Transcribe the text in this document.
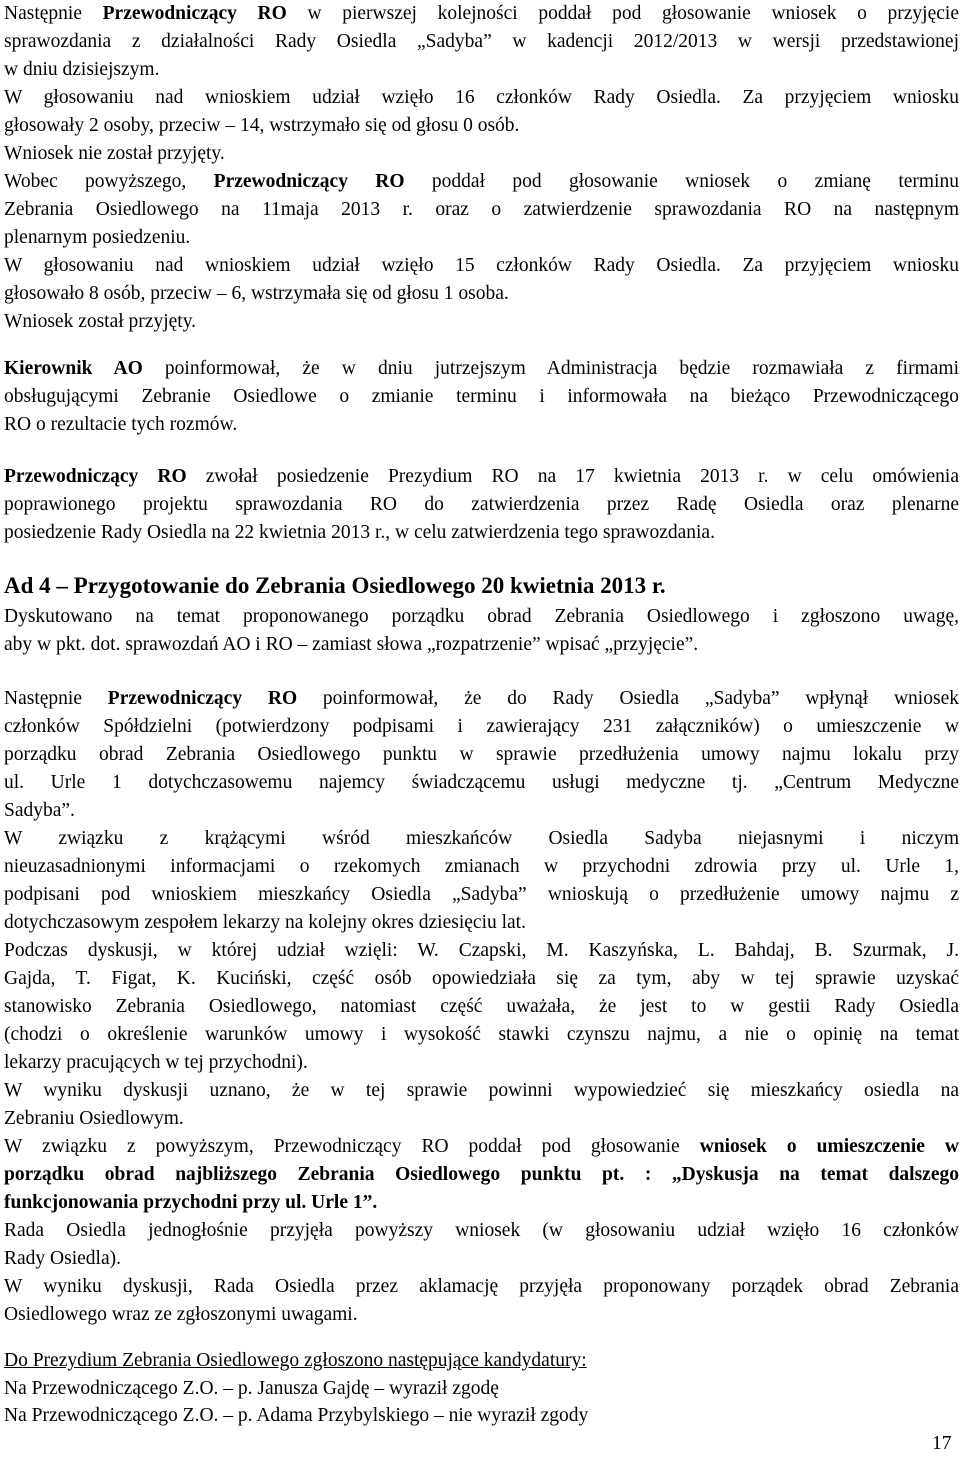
Następnie Przewodniczący RO w pierwszej kolejności poddał pod głosowanie wniosek o przyjęcie
sprawozdania z działalności Rady Osiedla „Sadyba” w kadencji 2012/2013 w wersji przedstawionej
w dniu dzisiejszym.
W głosowaniu nad wnioskiem udział wzięło 16 członków Rady Osiedla. Za przyjęciem wniosku
głosowały 2 osoby, przeciw – 14, wstrzymało się od głosu 0 osób.
Wniosek nie został przyjęty.
Wobec powyższego, Przewodniczący RO poddał pod głosowanie wniosek o zmianę terminu
Zebrania Osiedlowego na 11maja 2013 r. oraz o zatwierdzenie sprawozdania RO na następnym
plenarnym posiedzeniu.
W głosowaniu nad wnioskiem udział wzięło 15 członków Rady Osiedla. Za przyjęciem wniosku
głosowało 8 osób, przeciw – 6, wstrzymała się od głosu 1 osoba.
Wniosek został przyjęty.
Kierownik AO poinformował, że w dniu jutrzejszym Administracja będzie rozmawiała z firmami
obsługującymi Zebranie Osiedlowe o zmianie terminu i informowała na bieżąco Przewodniczącego
RO o rezultacie tych rozmów.
Przewodniczący RO zwołał posiedzenie Prezydium RO na 17 kwietnia 2013 r. w celu omówienia
poprawionego projektu sprawozdania RO do zatwierdzenia przez Radę Osiedla oraz plenarne
posiedzenie Rady Osiedla na 22 kwietnia 2013 r., w celu zatwierdzenia tego sprawozdania.
Ad 4 – Przygotowanie do Zebrania Osiedlowego 20 kwietnia 2013 r.
Dyskutowano na temat proponowanego porządku obrad Zebrania Osiedlowego i zgłoszono uwagę,
aby w pkt. dot. sprawozdań AO i RO – zamiast słowa „rozpatrzenie” wpisać „przyjęcie”.
Następnie Przewodniczący RO poinformował, że do Rady Osiedla „Sadyba” wpłynął wniosek
członków Spółdzielni (potwierdzony podpisami i zawierający 231 załączników) o umieszczenie w
porządku obrad Zebrania Osiedlowego punktu w sprawie przedłużenia umowy najmu lokalu przy
ul. Urle 1 dotychczasowemu najemcy świadczącemu usługi medyczne tj. „Centrum Medyczne
Sadyba”.
W związku z krążącymi wśród mieszkańców Osiedla Sadyba niejasnymi i niczym
nieuzasadnionymi informacjami o rzekomych zmianach w przychodni zdrowia przy ul. Urle 1,
podpisani pod wnioskiem mieszkańcy Osiedla „Sadyba” wnioskują o przedłużenie umowy najmu z
dotychczasowym zespołem lekarzy na kolejny okres dziesięciu lat.
Podczas dyskusji, w której udział wzięli: W. Czapski, M. Kaszyńska, L. Bahdaj, B. Szurmak, J.
Gajda, T. Figat, K. Kuciński, część osób opowiedziała się za tym, aby w tej sprawie uzyskać
stanowisko Zebrania Osiedlowego, natomiast część uważała, że jest to w gestii Rady Osiedla
(chodzi o określenie warunków umowy i wysokość stawki czynszu najmu, a nie o opinię na temat
lekarzy pracujących w tej przychodni).
W wyniku dyskusji uznano, że w tej sprawie powinni wypowiedzieć się mieszkańcy osiedla na
Zebraniu Osiedlowym.
W związku z powyższym, Przewodniczący RO poddał pod głosowanie wniosek o umieszczenie w
porządku obrad najbliższego Zebrania Osiedlowego punktu pt. : „Dyskusja na temat dalszego
funkcjonowania przychodni przy ul. Urle 1”.
Rada Osiedla jednogłośnie przyjęła powyższy wniosek (w głosowaniu udział wzięło 16 członków
Rady Osiedla).
W wyniku dyskusji, Rada Osiedla przez aklamację przyjęła proponowany porządek obrad Zebrania
Osiedlowego wraz ze zgłoszonymi uwagami.
Do Prezydium Zebrania Osiedlowego zgłoszono następujące kandydatury:
Na Przewodniczącego Z.O. – p. Janusza Gajdę – wyraził zgodę
Na Przewodniczącego Z.O. – p. Adama Przybylskiego – nie wyraził zgody
17
